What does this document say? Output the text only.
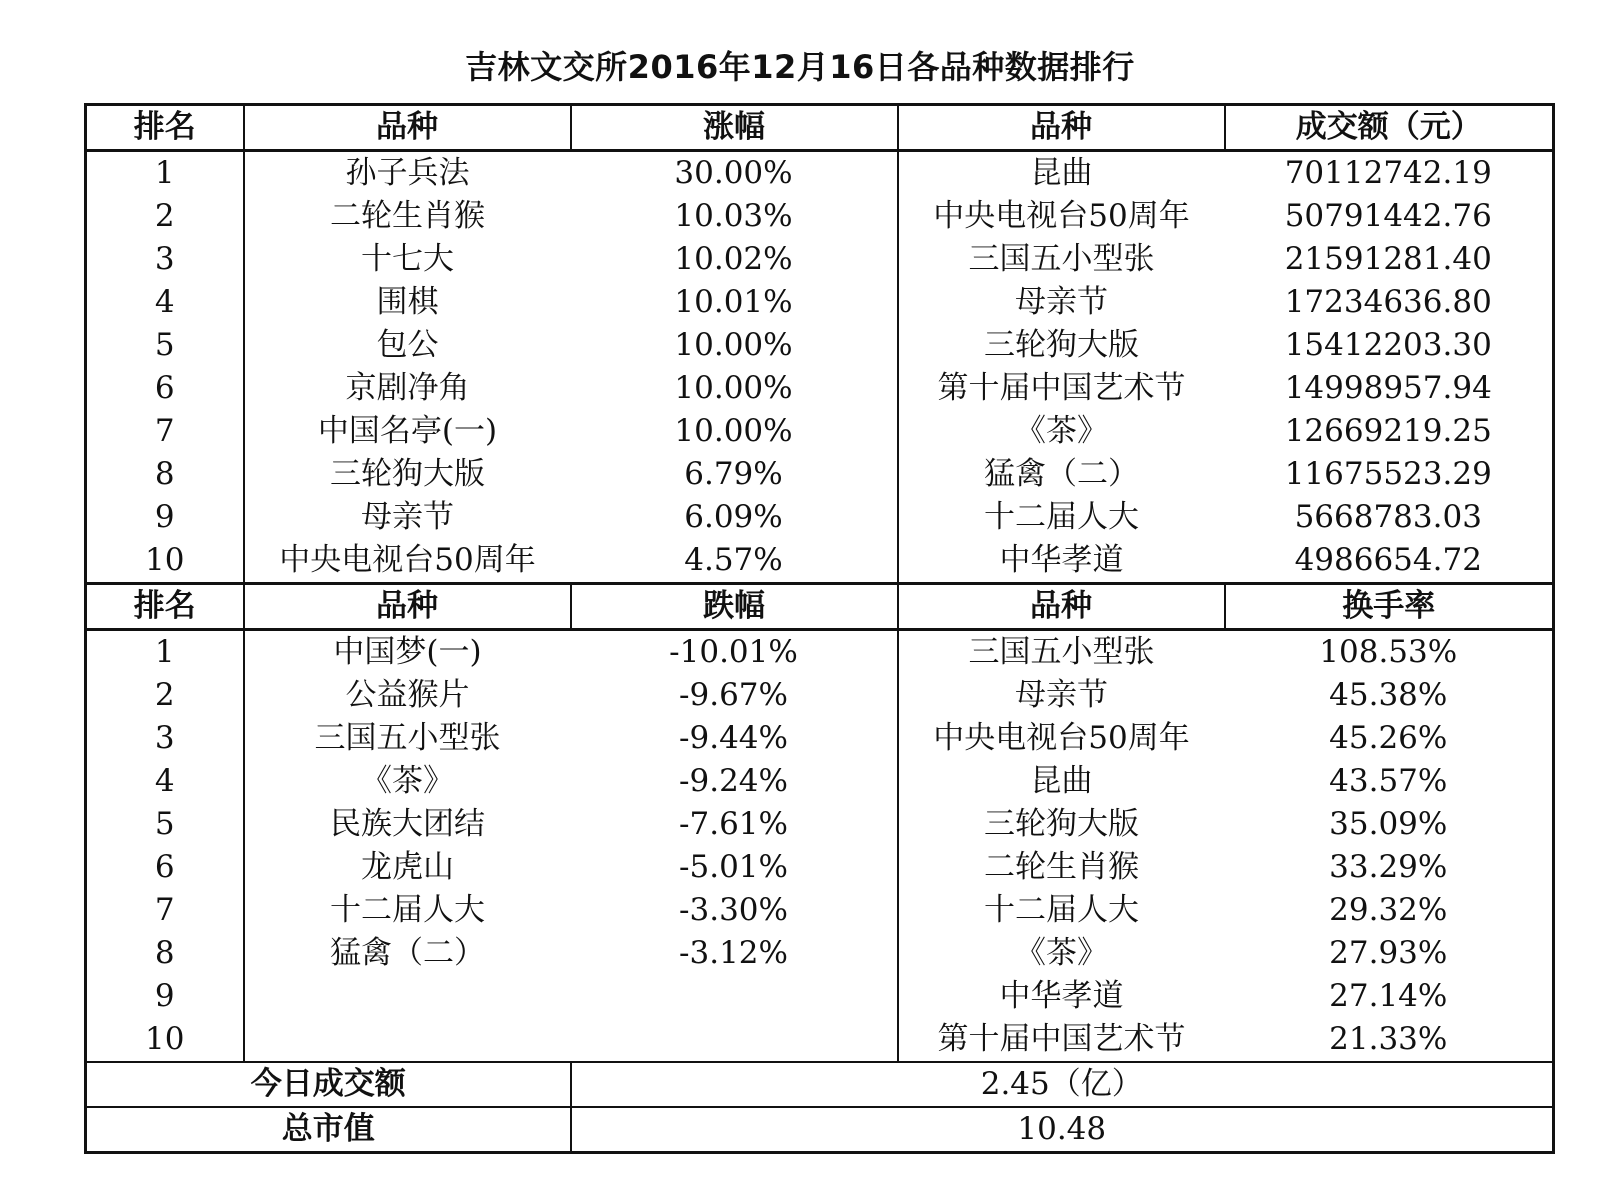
吉林文交所2016年12月16日各品种数据排行
排名	品种	涨幅	品种	成交额（元）
1	孙子兵法	30.00%	昆曲	70112742.19
2	二轮生肖猴	10.03%	中央电视台50周年	50791442.76
3	十七大	10.02%	三国五小型张	21591281.40
4	围棋	10.01%	母亲节	17234636.80
5	包公	10.00%	三轮狗大版	15412203.30
6	京剧净角	10.00%	第十届中国艺术节	14998957.94
7	中国名亭(一)	10.00%	《茶》	12669219.25
8	三轮狗大版	6.79%	猛禽（二）	11675523.29
9	母亲节	6.09%	十二届人大	5668783.03
10	中央电视台50周年	4.57%	中华孝道	4986654.72
排名	品种	跌幅	品种	换手率
1	中国梦(一)	-10.01%	三国五小型张	108.53%
2	公益猴片	-9.67%	母亲节	45.38%
3	三国五小型张	-9.44%	中央电视台50周年	45.26%
4	《茶》	-9.24%	昆曲	43.57%
5	民族大团结	-7.61%	三轮狗大版	35.09%
6	龙虎山	-5.01%	二轮生肖猴	33.29%
7	十二届人大	-3.30%	十二届人大	29.32%
8	猛禽（二）	-3.12%	《茶》	27.93%
9			中华孝道	27.14%
10			第十届中国艺术节	21.33%
今日成交额		2.45（亿）		
总市值		10.48		
